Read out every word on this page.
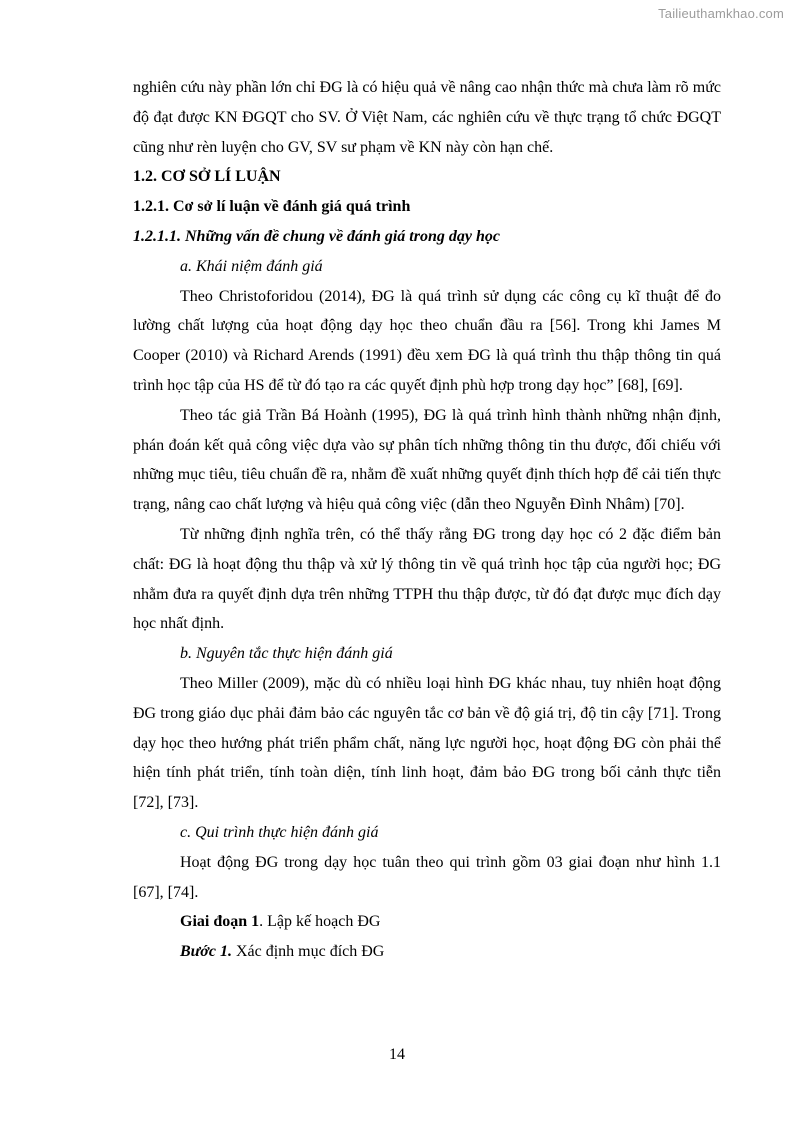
Tailieuthamkhao.com

nghiên cứu này phần lớn chỉ ĐG là có hiệu quả về nâng cao nhận thức mà chưa làm rõ mức độ đạt được KN ĐGQT cho SV. Ở Việt Nam, các nghiên cứu về thực trạng tổ chức ĐGQT cũng như rèn luyện cho GV, SV sư phạm về KN này còn hạn chế.

1.2. CƠ SỞ LÍ LUẬN

1.2.1. Cơ sở lí luận về đánh giá quá trình

1.2.1.1. Những vấn đề chung về đánh giá trong dạy học

a. Khái niệm đánh giá

Theo Christoforidou (2014), ĐG là quá trình sử dụng các công cụ kĩ thuật để đo lường chất lượng của hoạt động dạy học theo chuẩn đầu ra [56]. Trong khi James M Cooper (2010) và Richard Arends (1991) đều xem ĐG là quá trình thu thập thông tin quá trình học tập của HS để từ đó tạo ra các quyết định phù hợp trong dạy học” [68], [69].

Theo tác giả Trần Bá Hoành (1995), ĐG là quá trình hình thành những nhận định, phán đoán kết quả công việc dựa vào sự phân tích những thông tin thu được, đối chiếu với những mục tiêu, tiêu chuẩn đề ra, nhằm đề xuất những quyết định thích hợp để cải tiến thực trạng, nâng cao chất lượng và hiệu quả công việc (dẫn theo Nguyễn Đình Nhâm) [70].

Từ những định nghĩa trên, có thể thấy rằng ĐG trong dạy học có 2 đặc điểm bản chất: ĐG là hoạt động thu thập và xử lý thông tin về quá trình học tập của người học; ĐG nhằm đưa ra quyết định dựa trên những TTPH thu thập được, từ đó đạt được mục đích dạy học nhất định.

b. Nguyên tắc thực hiện đánh giá

Theo Miller (2009), mặc dù có nhiều loại hình ĐG khác nhau, tuy nhiên hoạt động ĐG trong giáo dục phải đảm bảo các nguyên tắc cơ bản về độ giá trị, độ tin cậy [71]. Trong dạy học theo hướng phát triển phẩm chất, năng lực người học, hoạt động ĐG còn phải thể hiện tính phát triển, tính toàn diện, tính linh hoạt, đảm bảo ĐG trong bối cảnh thực tiễn [72], [73].

c. Qui trình thực hiện đánh giá

Hoạt động ĐG trong dạy học tuân theo qui trình gồm 03 giai đoạn như hình 1.1 [67], [74].

Giai đoạn 1. Lập kế hoạch ĐG

Bước 1. Xác định mục đích ĐG

14
